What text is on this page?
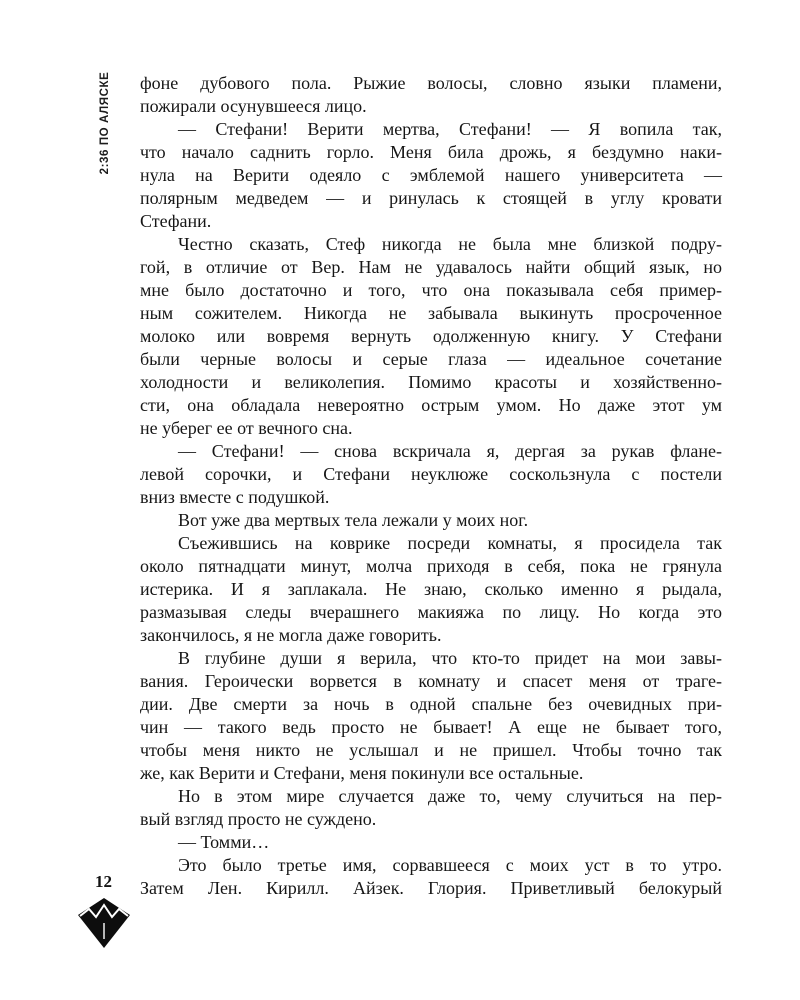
2:36 ПО АЛЯСКЕ фоне дубового пола. Рыжие волосы, словно языки пламени,
пожирали осунувшееся лицо.
— Стефани! Верити мертва, Стефани! — Я вопила так,
что начало саднить горло. Меня била дрожь, я бездумно наки-
нула на Верити одеяло с эмблемой нашего университета —
полярным медведем — и ринулась к стоящей в углу кровати
Стефани.
Честно сказать, Стеф никогда не была мне близкой подру-
гой, в отличие от Вер. Нам не удавалось найти общий язык, но
мне было достаточно и того, что она показывала себя пример-
ным сожителем. Никогда не забывала выкинуть просроченное
молоко или вовремя вернуть одолженную книгу. У Стефани
были черные волосы и серые глаза — идеальное сочетание
холодности и великолепия. Помимо красоты и хозяйственно-
сти, она обладала невероятно острым умом. Но даже этот ум
не уберег ее от вечного сна.
— Стефани! — снова вскричала я, дергая за рукав флане-
левой сорочки, и Стефани неуклюже соскользнула с постели
вниз вместе с подушкой.
Вот уже два мертвых тела лежали у моих ног.
Съежившись на коврике посреди комнаты, я просидела так
около пятнадцати минут, молча приходя в себя, пока не грянула
истерика. И я заплакала. Не знаю, сколько именно я рыдала,
размазывая следы вчерашнего макияжа по лицу. Но когда это
закончилось, я не могла даже говорить.
В глубине души я верила, что кто-то придет на мои завы-
вания. Героически ворвется в комнату и спасет меня от траге-
дии. Две смерти за ночь в одной спальне без очевидных при-
чин — такого ведь просто не бывает! А еще не бывает того,
чтобы меня никто не услышал и не пришел. Чтобы точно так
же, как Верити и Стефани, меня покинули все остальные.
Но в этом мире случается даже то, чему случиться на пер-
вый взгляд просто не суждено.
— Томми…
Это было третье имя, сорвавшееся с моих уст в то утро.
Затем Лен. Кирилл. Айзек. Глория. Приветливый белокурый
12
